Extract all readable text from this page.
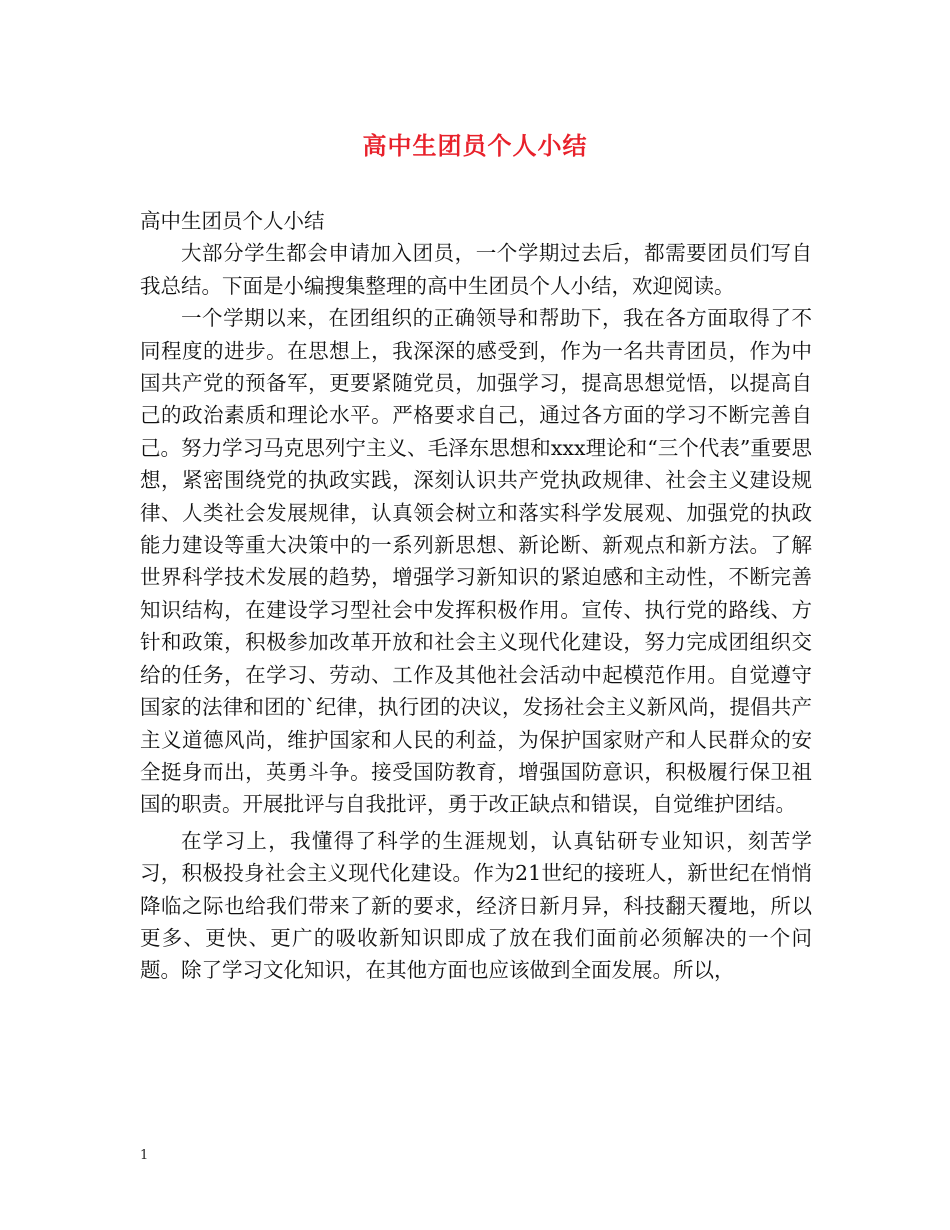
高中生团员个人小结

高中生团员个人小结

大部分学生都会申请加入团员，一个学期过去后，都需要团员们写自我总结。下面是小编搜集整理的高中生团员个人小结，欢迎阅读。

一个学期以来，在团组织的正确领导和帮助下，我在各方面取得了不同程度的进步。在思想上，我深深的感受到，作为一名共青团员，作为中国共产党的预备军，更要紧随党员，加强学习，提高思想觉悟，以提高自己的政治素质和理论水平。严格要求自己，通过各方面的学习不断完善自己。努力学习马克思列宁主义、毛泽东思想和xxx理论和“三个代表”重要思想，紧密围绕党的执政实践，深刻认识共产党执政规律、社会主义建设规律、人类社会发展规律，认真领会树立和落实科学发展观、加强党的执政能力建设等重大决策中的一系列新思想、新论断、新观点和新方法。了解世界科学技术发展的趋势，增强学习新知识的紧迫感和主动性，不断完善知识结构，在建设学习型社会中发挥积极作用。宣传、执行党的路线、方针和政策，积极参加改革开放和社会主义现代化建设，努力完成团组织交给的任务，在学习、劳动、工作及其他社会活动中起模范作用。自觉遵守国家的法律和团的`纪律，执行团的决议，发扬社会主义新风尚，提倡共产主义道德风尚，维护国家和人民的利益，为保护国家财产和人民群众的安全挺身而出，英勇斗争。接受国防教育，增强国防意识，积极履行保卫祖国的职责。开展批评与自我批评，勇于改正缺点和错误，自觉维护团结。

在学习上，我懂得了科学的生涯规划，认真钻研专业知识，刻苦学习，积极投身社会主义现代化建设。作为21世纪的接班人，新世纪在悄悄降临之际也给我们带来了新的要求，经济日新月异，科技翻天覆地，所以更多、更快、更广的吸收新知识即成了放在我们面前必须解决的一个问题。除了学习文化知识，在其他方面也应该做到全面发展。所以，

1
